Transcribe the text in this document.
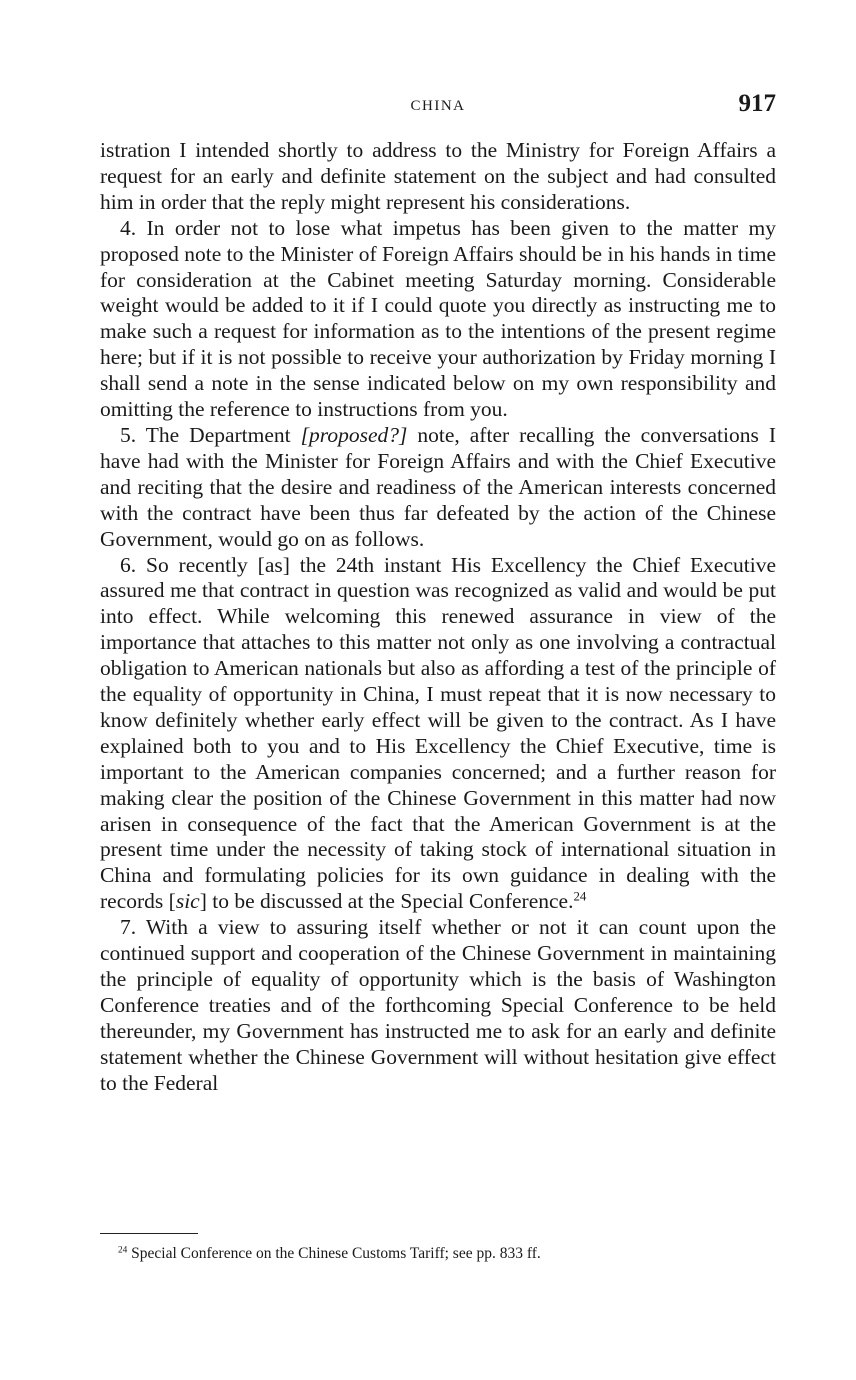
CHINA	917

istration I intended shortly to address to the Ministry for Foreign Affairs a request for an early and definite statement on the subject and had consulted him in order that the reply might represent his considerations.

4. In order not to lose what impetus has been given to the matter my proposed note to the Minister of Foreign Affairs should be in his hands in time for consideration at the Cabinet meeting Saturday morning. Considerable weight would be added to it if I could quote you directly as instructing me to make such a request for information as to the intentions of the present regime here; but if it is not possible to receive your authorization by Friday morning I shall send a note in the sense indicated below on my own responsibility and omitting the reference to instructions from you.

5. The Department [proposed?] note, after recalling the conversations I have had with the Minister for Foreign Affairs and with the Chief Executive and reciting that the desire and readiness of the American interests concerned with the contract have been thus far defeated by the action of the Chinese Government, would go on as follows.

6. So recently [as] the 24th instant His Excellency the Chief Executive assured me that contract in question was recognized as valid and would be put into effect. While welcoming this renewed assurance in view of the importance that attaches to this matter not only as one involving a contractual obligation to American nationals but also as affording a test of the principle of the equality of opportunity in China, I must repeat that it is now necessary to know definitely whether early effect will be given to the contract. As I have explained both to you and to His Excellency the Chief Executive, time is important to the American companies concerned; and a further reason for making clear the position of the Chinese Government in this matter had now arisen in consequence of the fact that the American Government is at the present time under the necessity of taking stock of international situation in China and formulating policies for its own guidance in dealing with the records [sic] to be discussed at the Special Conference.$^{24}$

7. With a view to assuring itself whether or not it can count upon the continued support and cooperation of the Chinese Government in maintaining the principle of equality of opportunity which is the basis of Washington Conference treaties and of the forthcoming Special Conference to be held thereunder, my Government has instructed me to ask for an early and definite statement whether the Chinese Government will without hesitation give effect to the Federal

$^{24}$ Special Conference on the Chinese Customs Tariff; see pp. 833 ff.
